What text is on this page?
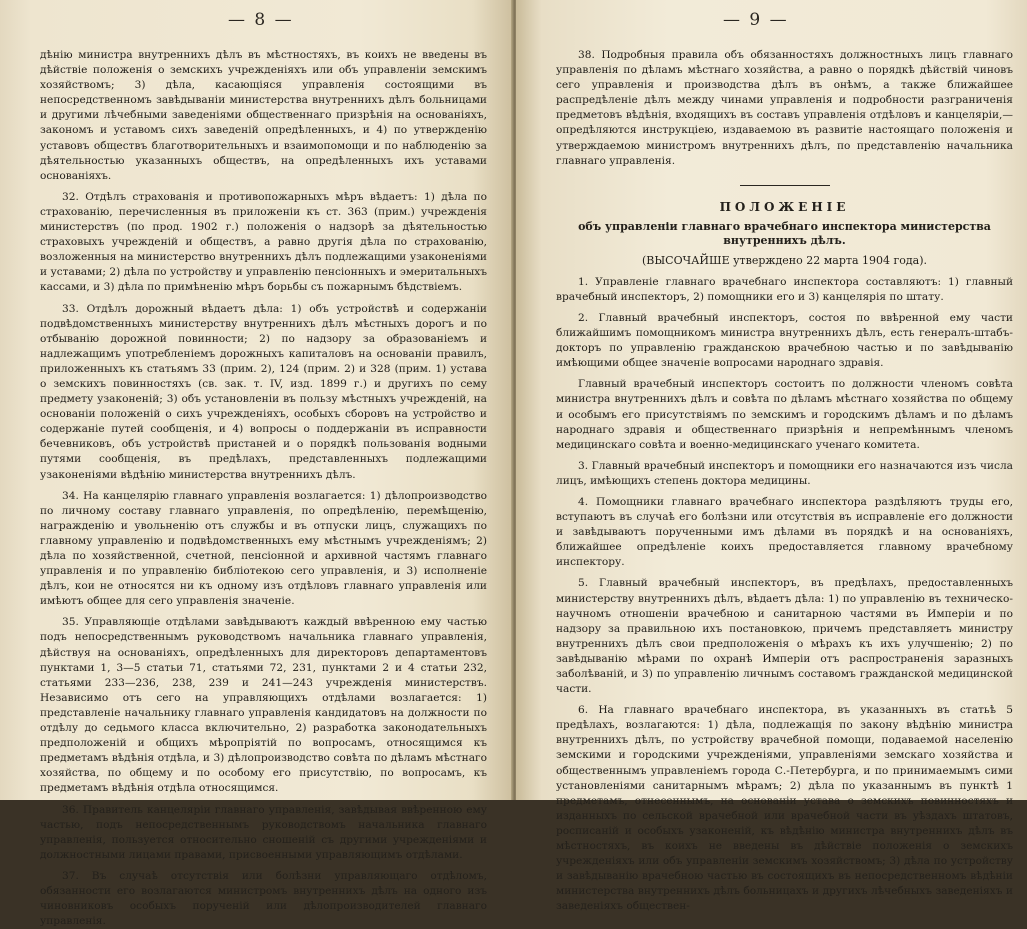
— 8 —

дѣнію министра внутреннихъ дѣлъ въ мѣстностяхъ, въ коихъ не введены въ дѣйствіе положенія о земскихъ учрежденіяхъ или объ управленіи земскимъ хозяйствомъ; 3) дѣла, касающіяся управленія состоящими въ непосредственномъ завѣдываніи министерства внутреннихъ дѣлъ больницами и другими лѣчебными заведеніями общественнаго призрѣнія на основаніяхъ, закономъ и уставомъ сихъ заведеній опредѣленныхъ, и 4) по утвержденію уставовъ обществъ благотворительныхъ и взаимопомощи и по наблюденію за дѣятельностью указанныхъ обществъ, на опредѣленныхъ ихъ уставами основаніяхъ.

32. Отдѣлъ страхованія и противопожарныхъ мѣръ вѣдаетъ: 1) дѣла по страхованію, перечисленныя въ приложеніи къ ст. 363 (прим.) учрежденія министерствъ (по прод. 1902 г.) положенія о надзорѣ за дѣятельностью страховыхъ учрежденій и обществъ, а равно другія дѣла по страхованію, возложенныя на министерство внутреннихъ дѣлъ подлежащими узаконеніями и уставами; 2) дѣла по устройству и управленію пенсіонныхъ и эмеритальныхъ кассами, и 3) дѣла по примѣненію мѣръ борьбы съ пожарнымъ бѣдствіемъ.

33. Отдѣлъ дорожный вѣдаетъ дѣла: 1) объ устройствѣ и содержаніи подвѣдомственныхъ министерству внутреннихъ дѣлъ мѣстныхъ дорогъ и по отбыванію дорожной повинности; 2) по надзору за образованіемъ и надлежащимъ употребленіемъ дорожныхъ капиталовъ на основаніи правилъ, приложенныхъ къ статьямъ 33 (прим. 2), 124 (прим. 2) и 328 (прим. 1) устава о земскихъ повинностяхъ (св. зак. т. IV, изд. 1899 г.) и другихъ по сему предмету узаконеній; 3) объ установленіи въ пользу мѣстныхъ учрежденій, на основаніи положеній о сихъ учрежденіяхъ, особыхъ сборовъ на устройство и содержаніе путей сообщенія, и 4) вопросы о поддержаніи въ исправности бечевниковъ, объ устройствѣ пристаней и о порядкѣ пользованія водными путями сообщенія, въ предѣлахъ, представленныхъ подлежащими узаконеніями вѣдѣнію министерства внутреннихъ дѣлъ.

34. На канцелярію главнаго управленія возлагается: 1) дѣлопроизводство по личному составу главнаго управленія, по опредѣленію, перемѣщенію, награжденію и увольненію отъ службы и въ отпуски лицъ, служащихъ по главному управленію и подвѣдомственныхъ ему мѣстнымъ учрежденіямъ; 2) дѣла по хозяйственной, счетной, пенсіонной и архивной частямъ главнаго управленія и по управленію библіотекою сего управленія, и 3) исполненіе дѣлъ, кои не относятся ни къ одному изъ отдѣловъ главнаго управленія или имѣютъ общее для сего управленія значеніе.

35. Управляющіе отдѣлами завѣдываютъ каждый ввѣренною ему частью подъ непосредственнымъ руководствомъ начальника главнаго управленія, дѣйствуя на основаніяхъ, опредѣленныхъ для директоровъ департаментовъ пунктами 1, 3—5 статьи 71, статьями 72, 231, пунктами 2 и 4 статьи 232, статьями 233—236, 238, 239 и 241—243 учрежденія министерствъ. Независимо отъ сего на управляющихъ отдѣлами возлагается: 1) представленіе начальнику главнаго управленія кандидатовъ на должности по отдѣлу до седьмого класса включительно, 2) разработка законодательныхъ предположеній и общихъ мѣропріятій по вопросамъ, относящимся къ предметамъ вѣдѣнія отдѣла, и 3) дѣлопроизводство совѣта по дѣламъ мѣстнаго хозяйства, по общему и по особому его присутствію, по вопросамъ, къ предметамъ вѣдѣнія отдѣла относящимся.

36. Правитель канцеляріи главнаго управленія, завѣдывая ввѣренною ему частью, подъ непосредственнымъ руководствомъ начальника главнаго управленія, пользуется относительно сношеній съ другими учрежденіями и должностными лицами правами, присвоенными управляющимъ отдѣлами.

37. Въ случаѣ отсутствія или болѣзни управляющаго отдѣломъ, обязанности его возлагаются министромъ внутреннихъ дѣлъ на одного изъ чиновниковъ особыхъ порученій или дѣлопроизводителей главнаго управленія.

— 9 —

38. Подробныя правила объ обязанностяхъ должностныхъ лицъ главнаго управленія по дѣламъ мѣстнаго хозяйства, а равно о порядкѣ дѣйствій чиновъ сего управленія и производства дѣлъ въ онѣмъ, а также ближайшее распредѣленіе дѣлъ между чинами управленія и подробности разграниченія предметовъ вѣдѣнія, входящихъ въ составъ управленія отдѣловъ и канцеляріи,—опредѣляются инструкціею, издаваемою въ развитіе настоящаго положенія и утверждаемою министромъ внутреннихъ дѣлъ, по представленію начальника главнаго управленія.

ПОЛОЖЕНІЕ
объ управленіи главнаго врачебнаго инспектора министерства внутреннихъ дѣлъ.
(ВЫСОЧАЙШЕ утверждено 22 марта 1904 года).

1. Управленіе главнаго врачебнаго инспектора составляютъ: 1) главный врачебный инспекторъ, 2) помощники его и 3) канцелярія по штату.

2. Главный врачебный инспекторъ, состоя по ввѣренной ему части ближайшимъ помощникомъ министра внутреннихъ дѣлъ, есть генералъ-штабъ-докторъ по управленію гражданскою врачебною частью и по завѣдыванію имѣющими общее значеніе вопросами народнаго здравія.

Главный врачебный инспекторъ состоитъ по должности членомъ совѣта министра внутреннихъ дѣлъ и совѣта по дѣламъ мѣстнаго хозяйства по общему и особымъ его присутствіямъ по земскимъ и городскимъ дѣламъ и по дѣламъ народнаго здравія и общественнаго призрѣнія и непремѣннымъ членомъ медицинскаго совѣта и военно-медицинскаго ученаго комитета.

3. Главный врачебный инспекторъ и помощники его назначаются изъ числа лицъ, имѣющихъ степень доктора медицины.

4. Помощники главнаго врачебнаго инспектора раздѣляютъ труды его, вступаютъ въ случаѣ его болѣзни или отсутствія въ исправленіе его должности и завѣдываютъ порученными имъ дѣлами въ порядкѣ и на основаніяхъ, ближайшее опредѣленіе коихъ предоставляется главному врачебному инспектору.

5. Главный врачебный инспекторъ, въ предѣлахъ, предоставленныхъ министерству внутреннихъ дѣлъ, вѣдаетъ дѣла: 1) по управленію въ техническо-научномъ отношеніи врачебною и санитарною частями въ Имперіи и по надзору за правильною ихъ постановкою, причемъ представляетъ министру внутреннихъ дѣлъ свои предположенія о мѣрахъ къ ихъ улучшенію; 2) по завѣдыванію мѣрами по охранѣ Имперіи отъ распространенія заразныхъ заболѣваній, и 3) по управленію личнымъ составомъ гражданской медицинской части.

6. На главнаго врачебнаго инспектора, въ указанныхъ въ статьѣ 5 предѣлахъ, возлагаются: 1) дѣла, подлежащія по закону вѣдѣнію министра внутреннихъ дѣлъ, по устройству врачебной помощи, подаваемой населенію земскими и городскими учрежденіями, управленіями земскаго хозяйства и общественнымъ управленіемъ города С.-Петербурга, и по принимаемымъ сими установленіями санитарнымъ мѣрамъ; 2) дѣла по указаннымъ въ пунктѣ 1 предметамъ, отнесеннымъ, на основаніи устава о земскихъ повинностяхъ и изданныхъ по сельской врачебной или врачебной части въ уѣздахъ штатовъ, росписаній и особыхъ узаконеній, къ вѣдѣнію министра внутреннихъ дѣлъ въ мѣстностяхъ, въ коихъ не введены въ дѣйствіе положенія о земскихъ учрежденіяхъ или объ управленіи земскимъ хозяйствомъ; 3) дѣла по устройству и завѣдыванію врачебною частью въ состоящихъ въ непосредственномъ вѣдѣніи министерства внутреннихъ дѣлъ больницахъ и другихъ лѣчебныхъ заведеніяхъ и заведеніяхъ обществен-
